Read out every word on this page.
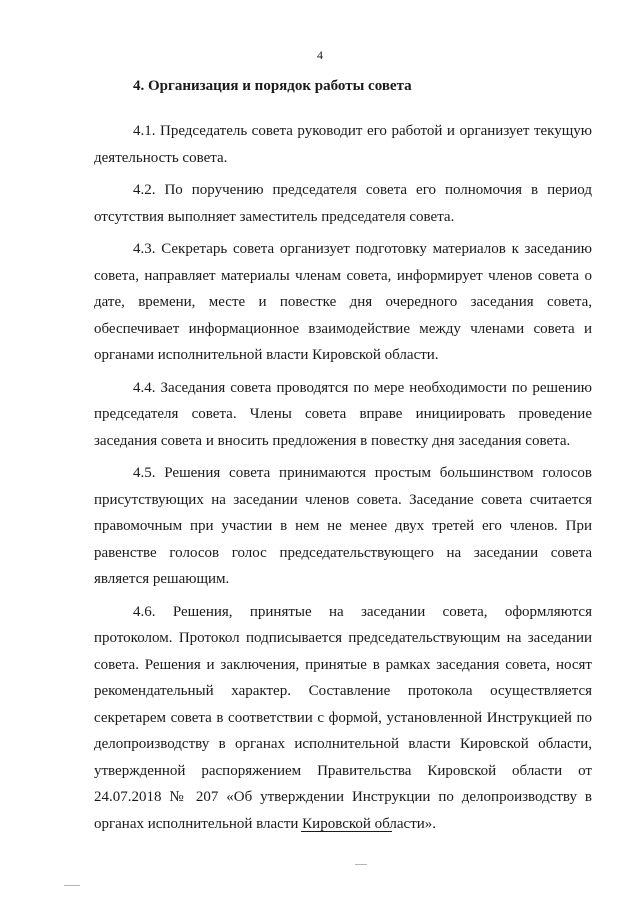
4
4. Организация и порядок работы совета

4.1. Председатель совета руководит его работой и организует текущую деятельность совета.

4.2. По поручению председателя совета его полномочия в период отсутствия выполняет заместитель председателя совета.

4.3. Секретарь совета организует подготовку материалов к заседанию совета, направляет материалы членам совета, информирует членов совета о дате, времени, месте и повестке дня очередного заседания совета, обеспечивает информационное взаимодействие между членами совета и органами исполнительной власти Кировской области.

4.4. Заседания совета проводятся по мере необходимости по решению председателя совета. Члены совета вправе инициировать проведение заседания совета и вносить предложения в повестку дня заседания совета.

4.5. Решения совета принимаются простым большинством голосов присутствующих на заседании членов совета. Заседание совета считается правомочным при участии в нем не менее двух третей его членов. При равенстве голосов голос председательствующего на заседании совета является решающим.

4.6. Решения, принятые на заседании совета, оформляются протоколом. Протокол подписывается председательствующим на заседании совета. Решения и заключения, принятые в рамках заседания совета, носят рекомендательный характер. Составление протокола осуществляется секретарем совета в соответствии с формой, установленной Инструкцией по делопроизводству в органах исполнительной власти Кировской области, утвержденной распоряжением Правительства Кировской области от 24.07.2018 № 207 «Об утверждении Инструкции по делопроизводству в органах исполнительной власти Кировской области».
